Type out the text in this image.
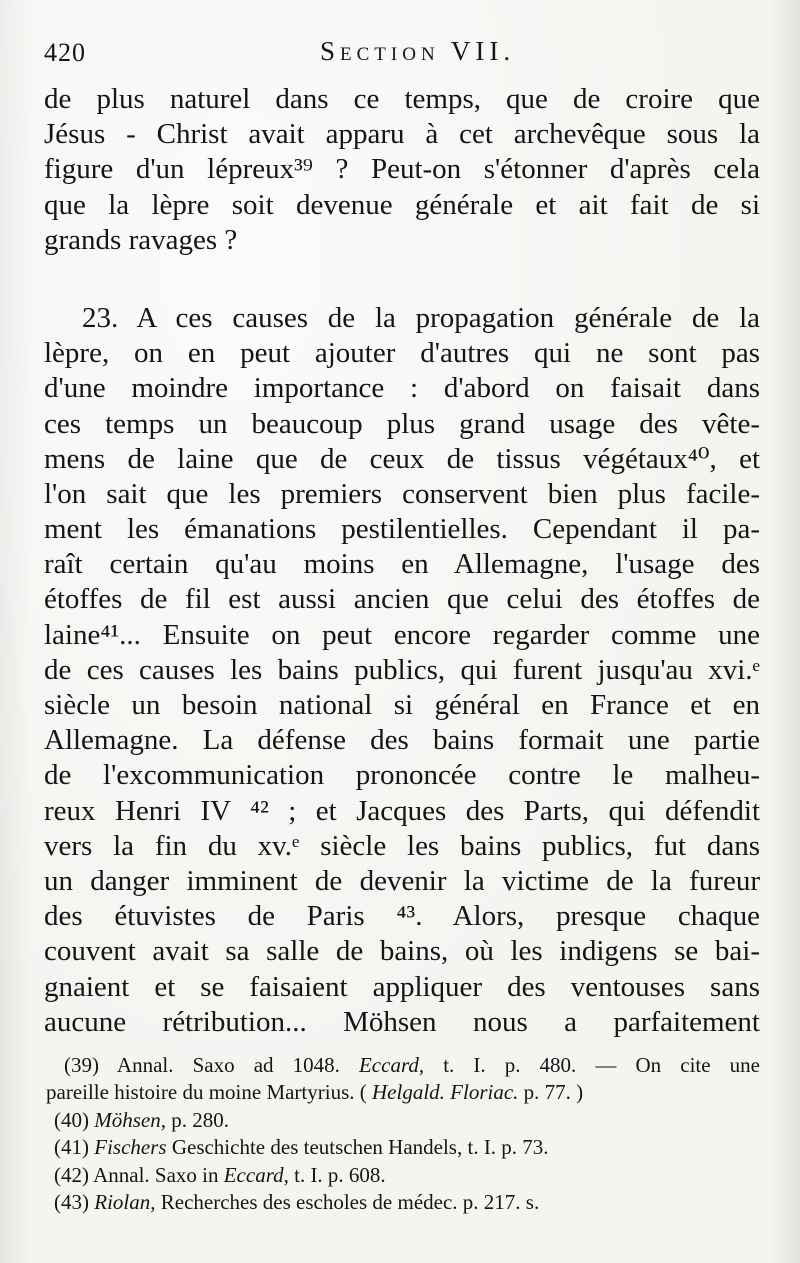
420	Section VII.
de plus naturel dans ce temps, que de croire que
Jésus - Christ avait apparu à cet archevêque sous la
figure d'un lépreux³⁹ ? Peut-on s'étonner d'après cela
que la lèpre soit devenue générale et ait fait de si
grands ravages ?
23. A ces causes de la propagation générale de la
lèpre, on en peut ajouter d'autres qui ne sont pas
d'une moindre importance : d'abord on faisait dans
ces temps un beaucoup plus grand usage des vête-
mens de laine que de ceux de tissus végétaux⁴⁰, et
l'on sait que les premiers conservent bien plus facile-
ment les émanations pestilentielles. Cependant il pa-
raît certain qu'au moins en Allemagne, l'usage des
étoffes de fil est aussi ancien que celui des étoffes de
laine⁴¹... Ensuite on peut encore regarder comme une
de ces causes les bains publics, qui furent jusqu'au xvi.ᵉ
siècle un besoin national si général en France et en
Allemagne. La défense des bains formait une partie
de l'excommunication prononcée contre le malheu-
reux Henri IV ⁴² ; et Jacques des Parts, qui défendit
vers la fin du xv.ᵉ siècle les bains publics, fut dans
un danger imminent de devenir la victime de la fureur
des étuvistes de Paris ⁴³. Alors, presque chaque
couvent avait sa salle de bains, où les indigens se bai-
gnaient et se faisaient appliquer des ventouses sans
aucune rétribution... Möhsen nous a parfaitement
(39) Annal. Saxo ad 1048. Eccard, t. I. p. 480. — On cite une
pareille histoire du moine Martyrius. ( Helgald. Floriac. p. 77. )
(40) Möhsen, p. 280.
(41) Fischers Geschichte des teutschen Handels, t. I. p. 73.
(42) Annal. Saxo in Eccard, t. I. p. 608.
(43) Riolan, Recherches des escholes de médec. p. 217. s.
